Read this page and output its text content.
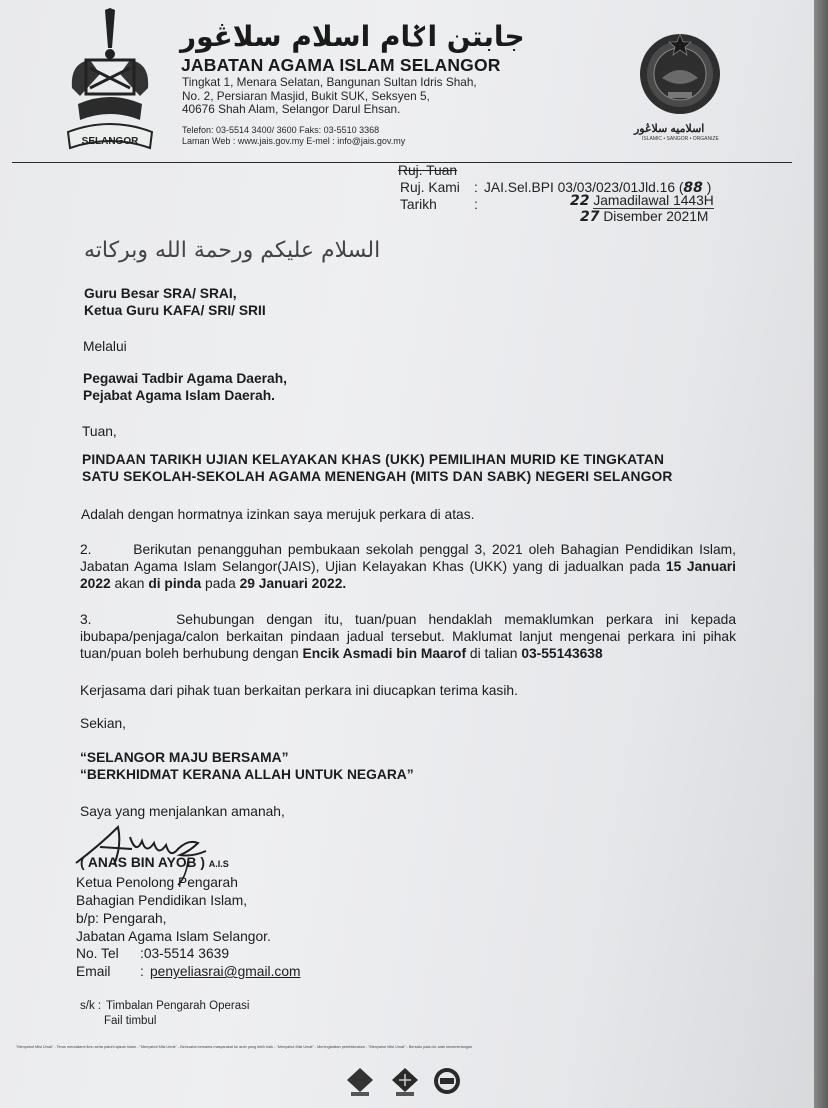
SELANGOR
جابتن اݢام اسلام سلاڠور
JABATAN AGAMA ISLAM SELANGOR
Tingkat 1, Menara Selatan, Bangunan Sultan Idris Shah,
No. 2, Persiaran Masjid, Bukit SUK, Seksyen 5,
40676 Shah Alam, Selangor Darul Ehsan.
Telefon: 03-5514 3400/ 3600 Faks: 03-5510 3368
Laman Web : www.jais.gov.my E-mel : info@jais.gov.my
اسلاميه سلاڠور
ISLAMIC • SANGOR • ORGANIZE
Ruj. Tuan
Ruj. Kami : JAI.Sel.BPI 03/03/023/01Jld.16 (88 )
Tarikh	:	22 Jamadilawal 1443H
27 Disember 2021M
السلام عليكم ورحمة الله وبركاته
Guru Besar SRA/ SRAI,
Ketua Guru KAFA/ SRI/ SRII
Melalui
Pegawai Tadbir Agama Daerah,
Pejabat Agama Islam Daerah.
Tuan,
PINDAAN TARIKH UJIAN KELAYAKAN KHAS (UKK) PEMILIHAN MURID KE TINGKATAN
SATU SEKOLAH-SEKOLAH AGAMA MENENGAH (MITS DAN SABK) NEGERI SELANGOR
Adalah dengan hormatnya izinkan saya merujuk perkara di atas.
2.	Berikutan penangguhan pembukaan sekolah penggal 3, 2021 oleh Bahagian Pendidikan Islam, Jabatan Agama Islam Selangor(JAIS), Ujian Kelayakan Khas (UKK) yang di jadualkan pada 15 Januari 2022 akan di pinda pada 29 Januari 2022.
3.	Sehubungan dengan itu, tuan/puan hendaklah memaklumkan perkara ini kepada ibubapa/penjaga/calon berkaitan pindaan jadual tersebut. Maklumat lanjut mengenai perkara ini pihak tuan/puan boleh berhubung dengan Encik Asmadi bin Maarof di talian 03-55143638
Kerjasama dari pihak tuan berkaitan perkara ini diucapkan terima kasih.
Sekian,
“SELANGOR MAJU BERSAMA”
“BERKHIDMAT KERANA ALLAH UNTUK NEGARA”
Saya yang menjalankan amanah,
( ANAS BIN AYOB ) A.I.S
Ketua Penolong Pengarah
Bahagian Pendidikan Islam,
b/p: Pengarah,
Jabatan Agama Islam Selangor.
No. Tel :03-5514 3639
Email : penyeliasrai@gmail.com
s/k : Timbalan Pengarah Operasi
Fail timbul
"Menyahut Misi Umat" - Terus mendalami ilmu serta patuhi ajaran Islam - "Menyahut Misi Umat" - Berusaha bersama masyarakat ke arah yang lebih baik - "Menyahut Misi Umat" - Meningkatkan perkhidmatan - "Menyahut Misi Umat" - Bersatu padu ke arah kecemerlangan
